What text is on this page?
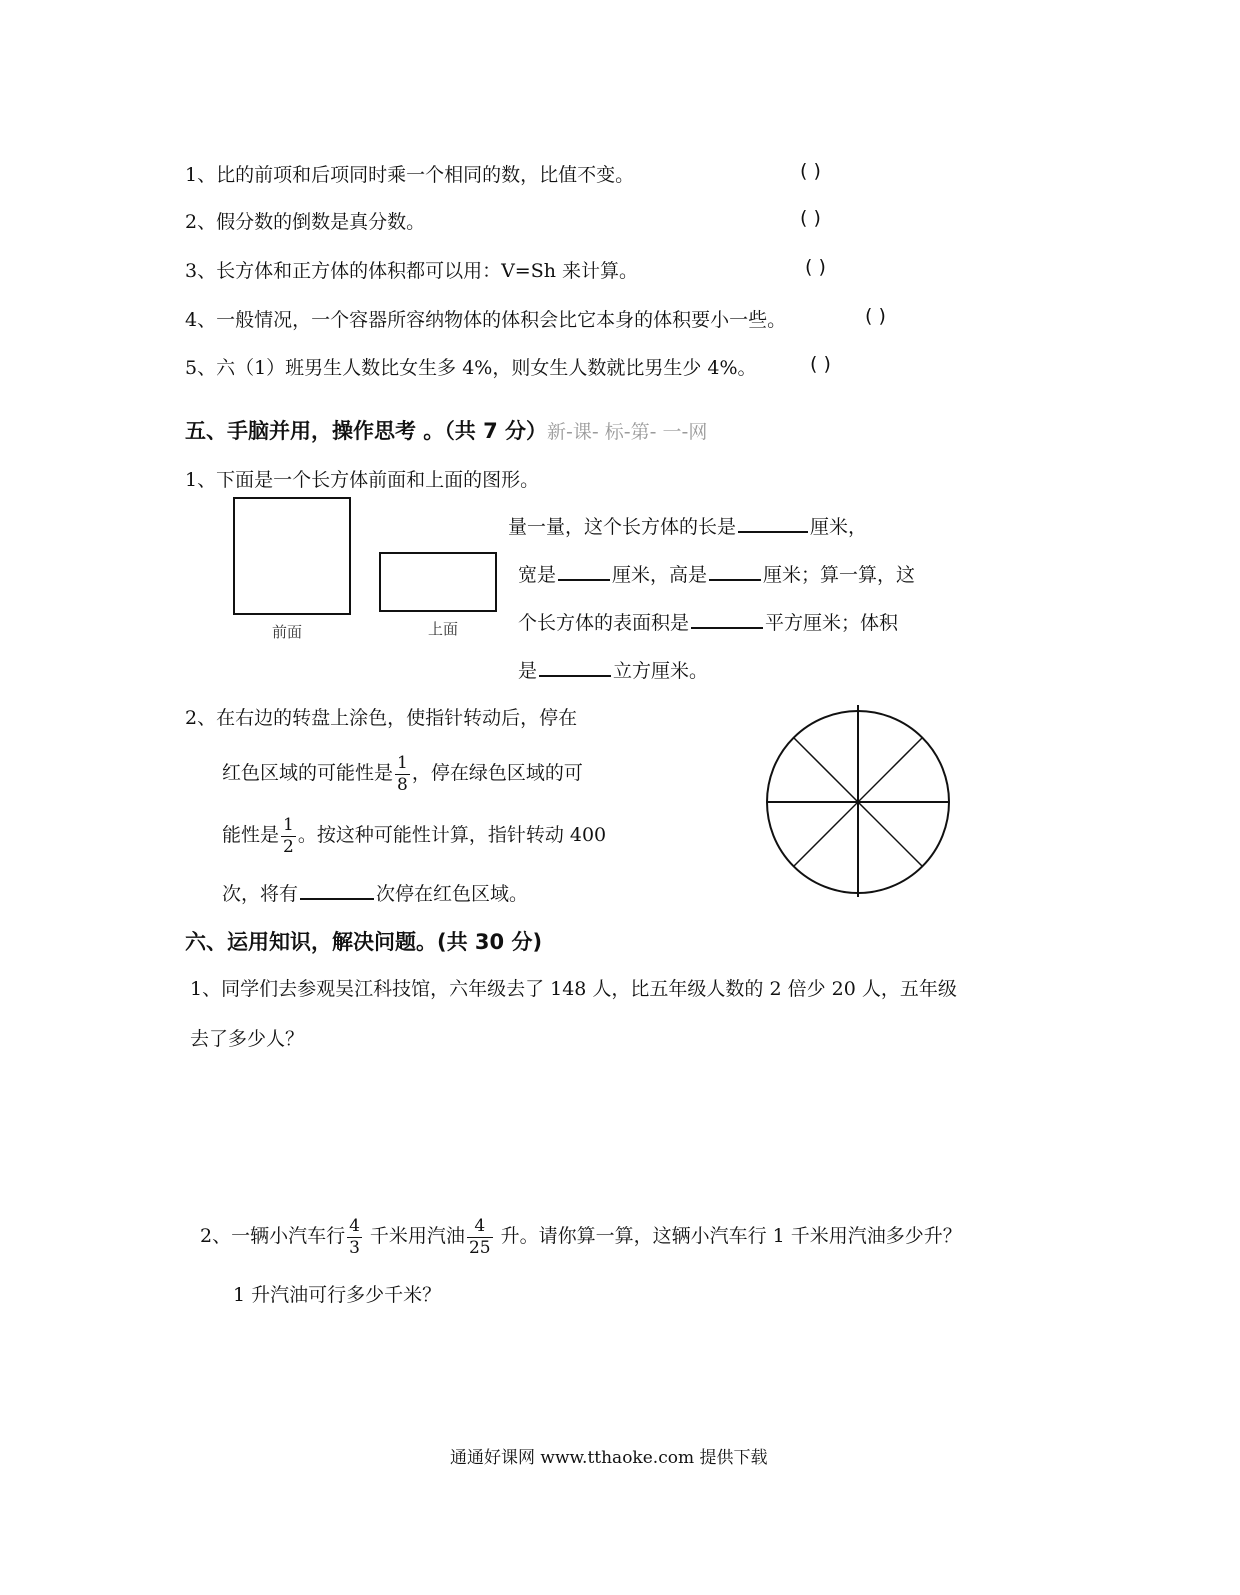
1、比的前项和后项同时乘一个相同的数，比值不变。	( )
2、假分数的倒数是真分数。	( )
3、长方体和正方体的体积都可以用：V=Sh 来计算。	( )
4、一般情况，一个容器所容纳物体的体积会比它本身的体积要小一些。	( )
5、六（1）班男生人数比女生多 4%，则女生人数就比男生少 4%。	( )
五、手脑并用，操作思考 。（共 7 分）新-课- 标-第- 一-网
1、下面是一个长方体前面和上面的图形。
前面	上面
量一量，这个长方体的长是	厘米，
宽是	厘米，高是	厘米；算一算，这
个长方体的表面积是	平方厘米；体积
是	立方厘米。
2、在右边的转盘上涂色，使指针转动后，停在
红色区域的可能性是 $\frac{1}{8}$ ，停在绿色区域的可
能性是 $\frac{1}{2}$ 。按这种可能性计算，指针转动 400
次，将有	次停在红色区域。
六、运用知识，解决问题。(共 30 分)
1、同学们去参观吴江科技馆，六年级去了 148 人，比五年级人数的 2 倍少 20 人，五年级
去了多少人？
2、一辆小汽车行 $\frac{4}{3}$ 千米用汽油 $\frac{4}{25}$ 升。请你算一算，这辆小汽车行 1 千米用汽油多少升？
1 升汽油可行多少千米？
通通好课网 www.tthaoke.com 提供下载
